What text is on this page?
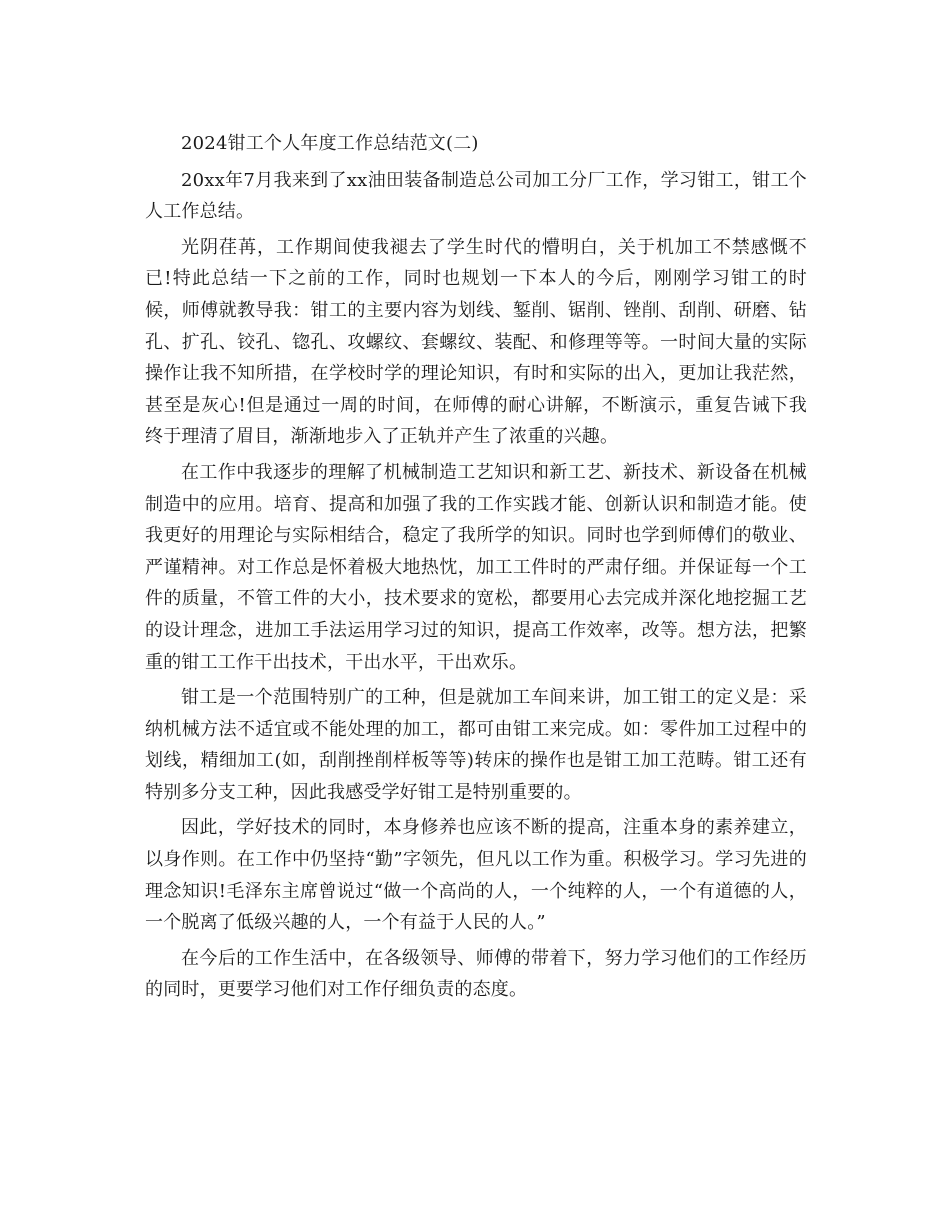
2024钳工个人年度工作总结范文(二)

20xx年7月我来到了xx油田装备制造总公司加工分厂工作，学习钳工，钳工个人工作总结。

光阴荏苒，工作期间使我褪去了学生时代的懵明白，关于机加工不禁感慨不已!特此总结一下之前的工作，同时也规划一下本人的今后，刚刚学习钳工的时候，师傅就教导我：钳工的主要内容为划线、錾削、锯削、锉削、刮削、研磨、钻孔、扩孔、铰孔、锪孔、攻螺纹、套螺纹、装配、和修理等等。一时间大量的实际操作让我不知所措，在学校时学的理论知识，有时和实际的出入，更加让我茫然，甚至是灰心!但是通过一周的时间，在师傅的耐心讲解，不断演示，重复告诫下我终于理清了眉目，渐渐地步入了正轨并产生了浓重的兴趣。

在工作中我逐步的理解了机械制造工艺知识和新工艺、新技术、新设备在机械制造中的应用。培育、提高和加强了我的工作实践才能、创新认识和制造才能。使我更好的用理论与实际相结合，稳定了我所学的知识。同时也学到师傅们的敬业、严谨精神。对工作总是怀着极大地热忱，加工工件时的严肃仔细。并保证每一个工件的质量，不管工件的大小，技术要求的宽松，都要用心去完成并深化地挖掘工艺的设计理念，进加工手法运用学习过的知识，提高工作效率，改等。想方法，把繁重的钳工工作干出技术，干出水平，干出欢乐。

钳工是一个范围特别广的工种，但是就加工车间来讲，加工钳工的定义是：采纳机械方法不适宜或不能处理的加工，都可由钳工来完成。如：零件加工过程中的划线，精细加工(如，刮削挫削样板等等)转床的操作也是钳工加工范畴。钳工还有特别多分支工种，因此我感受学好钳工是特别重要的。

因此，学好技术的同时，本身修养也应该不断的提高，注重本身的素养建立，以身作则。在工作中仍坚持“勤”字领先，但凡以工作为重。积极学习。学习先进的理念知识!毛泽东主席曾说过“做一个高尚的人，一个纯粹的人，一个有道德的人，一个脱离了低级兴趣的人，一个有益于人民的人。”

在今后的工作生活中，在各级领导、师傅的带着下，努力学习他们的工作经历的同时，更要学习他们对工作仔细负责的态度。
